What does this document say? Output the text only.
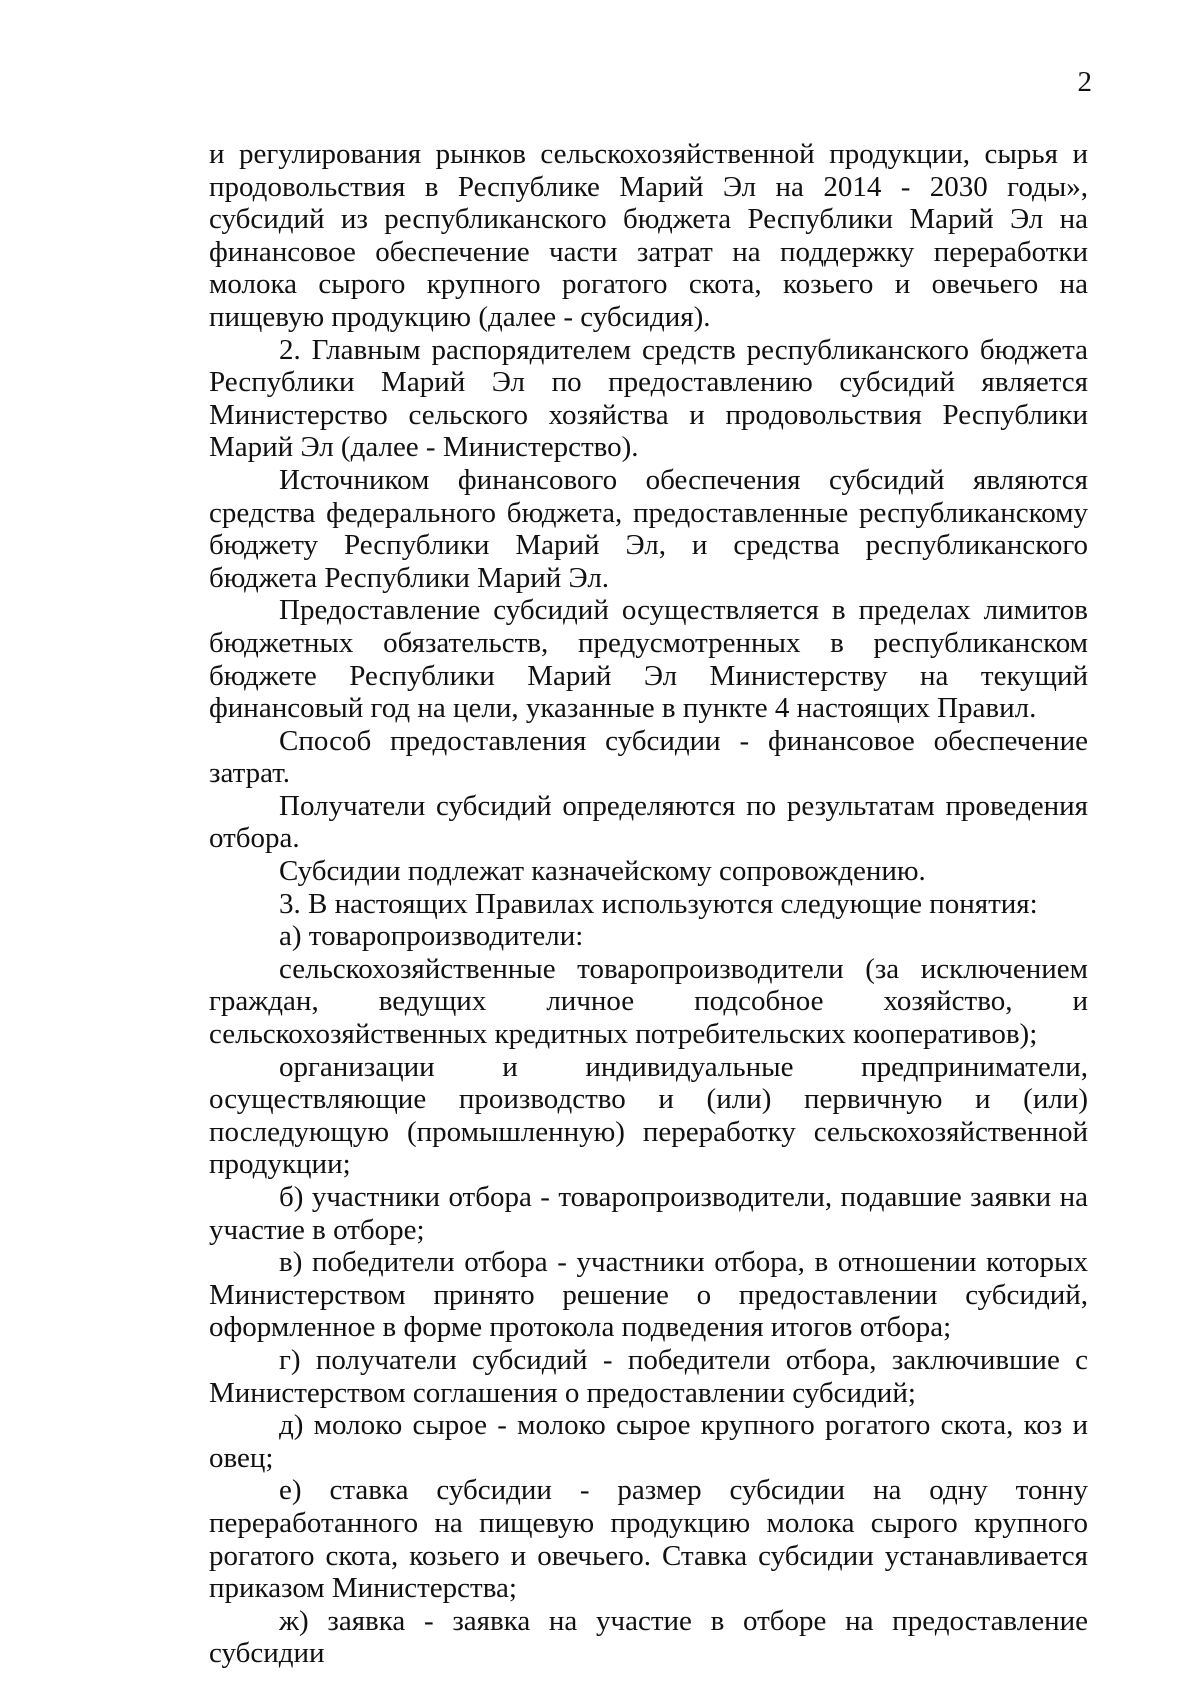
2

и регулирования рынков сельскохозяйственной продукции, сырья и продовольствия в Республике Марий Эл на 2014 - 2030 годы», субсидий из республиканского бюджета Республики Марий Эл на финансовое обеспечение части затрат на поддержку переработки молока сырого крупного рогатого скота, козьего и овечьего на пищевую продукцию (далее - субсидия).

2. Главным распорядителем средств республиканского бюджета Республики Марий Эл по предоставлению субсидий является Министерство сельского хозяйства и продовольствия Республики Марий Эл (далее - Министерство).

Источником финансового обеспечения субсидий являются средства федерального бюджета, предоставленные республиканскому бюджету Республики Марий Эл, и средства республиканского бюджета Республики Марий Эл.

Предоставление субсидий осуществляется в пределах лимитов бюджетных обязательств, предусмотренных в республиканском бюджете Республики Марий Эл Министерству на текущий финансовый год на цели, указанные в пункте 4 настоящих Правил.

Способ предоставления субсидии - финансовое обеспечение затрат.

Получатели субсидий определяются по результатам проведения отбора.

Субсидии подлежат казначейскому сопровождению.

3. В настоящих Правилах используются следующие понятия:

а) товаропроизводители:

сельскохозяйственные товаропроизводители (за исключением граждан, ведущих личное подсобное хозяйство, и сельскохозяйственных кредитных потребительских кооперативов);

организации и индивидуальные предприниматели, осуществляющие производство и (или) первичную и (или) последующую (промышленную) переработку сельскохозяйственной продукции;

б) участники отбора - товаропроизводители, подавшие заявки на участие в отборе;

в) победители отбора - участники отбора, в отношении которых Министерством принято решение о предоставлении субсидий, оформленное в форме протокола подведения итогов отбора;

г) получатели субсидий - победители отбора, заключившие с Министерством соглашения о предоставлении субсидий;

д) молоко сырое - молоко сырое крупного рогатого скота, коз и овец;

е) ставка субсидии - размер субсидии на одну тонну переработанного на пищевую продукцию молока сырого крупного рогатого скота, козьего и овечьего. Ставка субсидии устанавливается приказом Министерства;

ж) заявка - заявка на участие в отборе на предоставление субсидии
